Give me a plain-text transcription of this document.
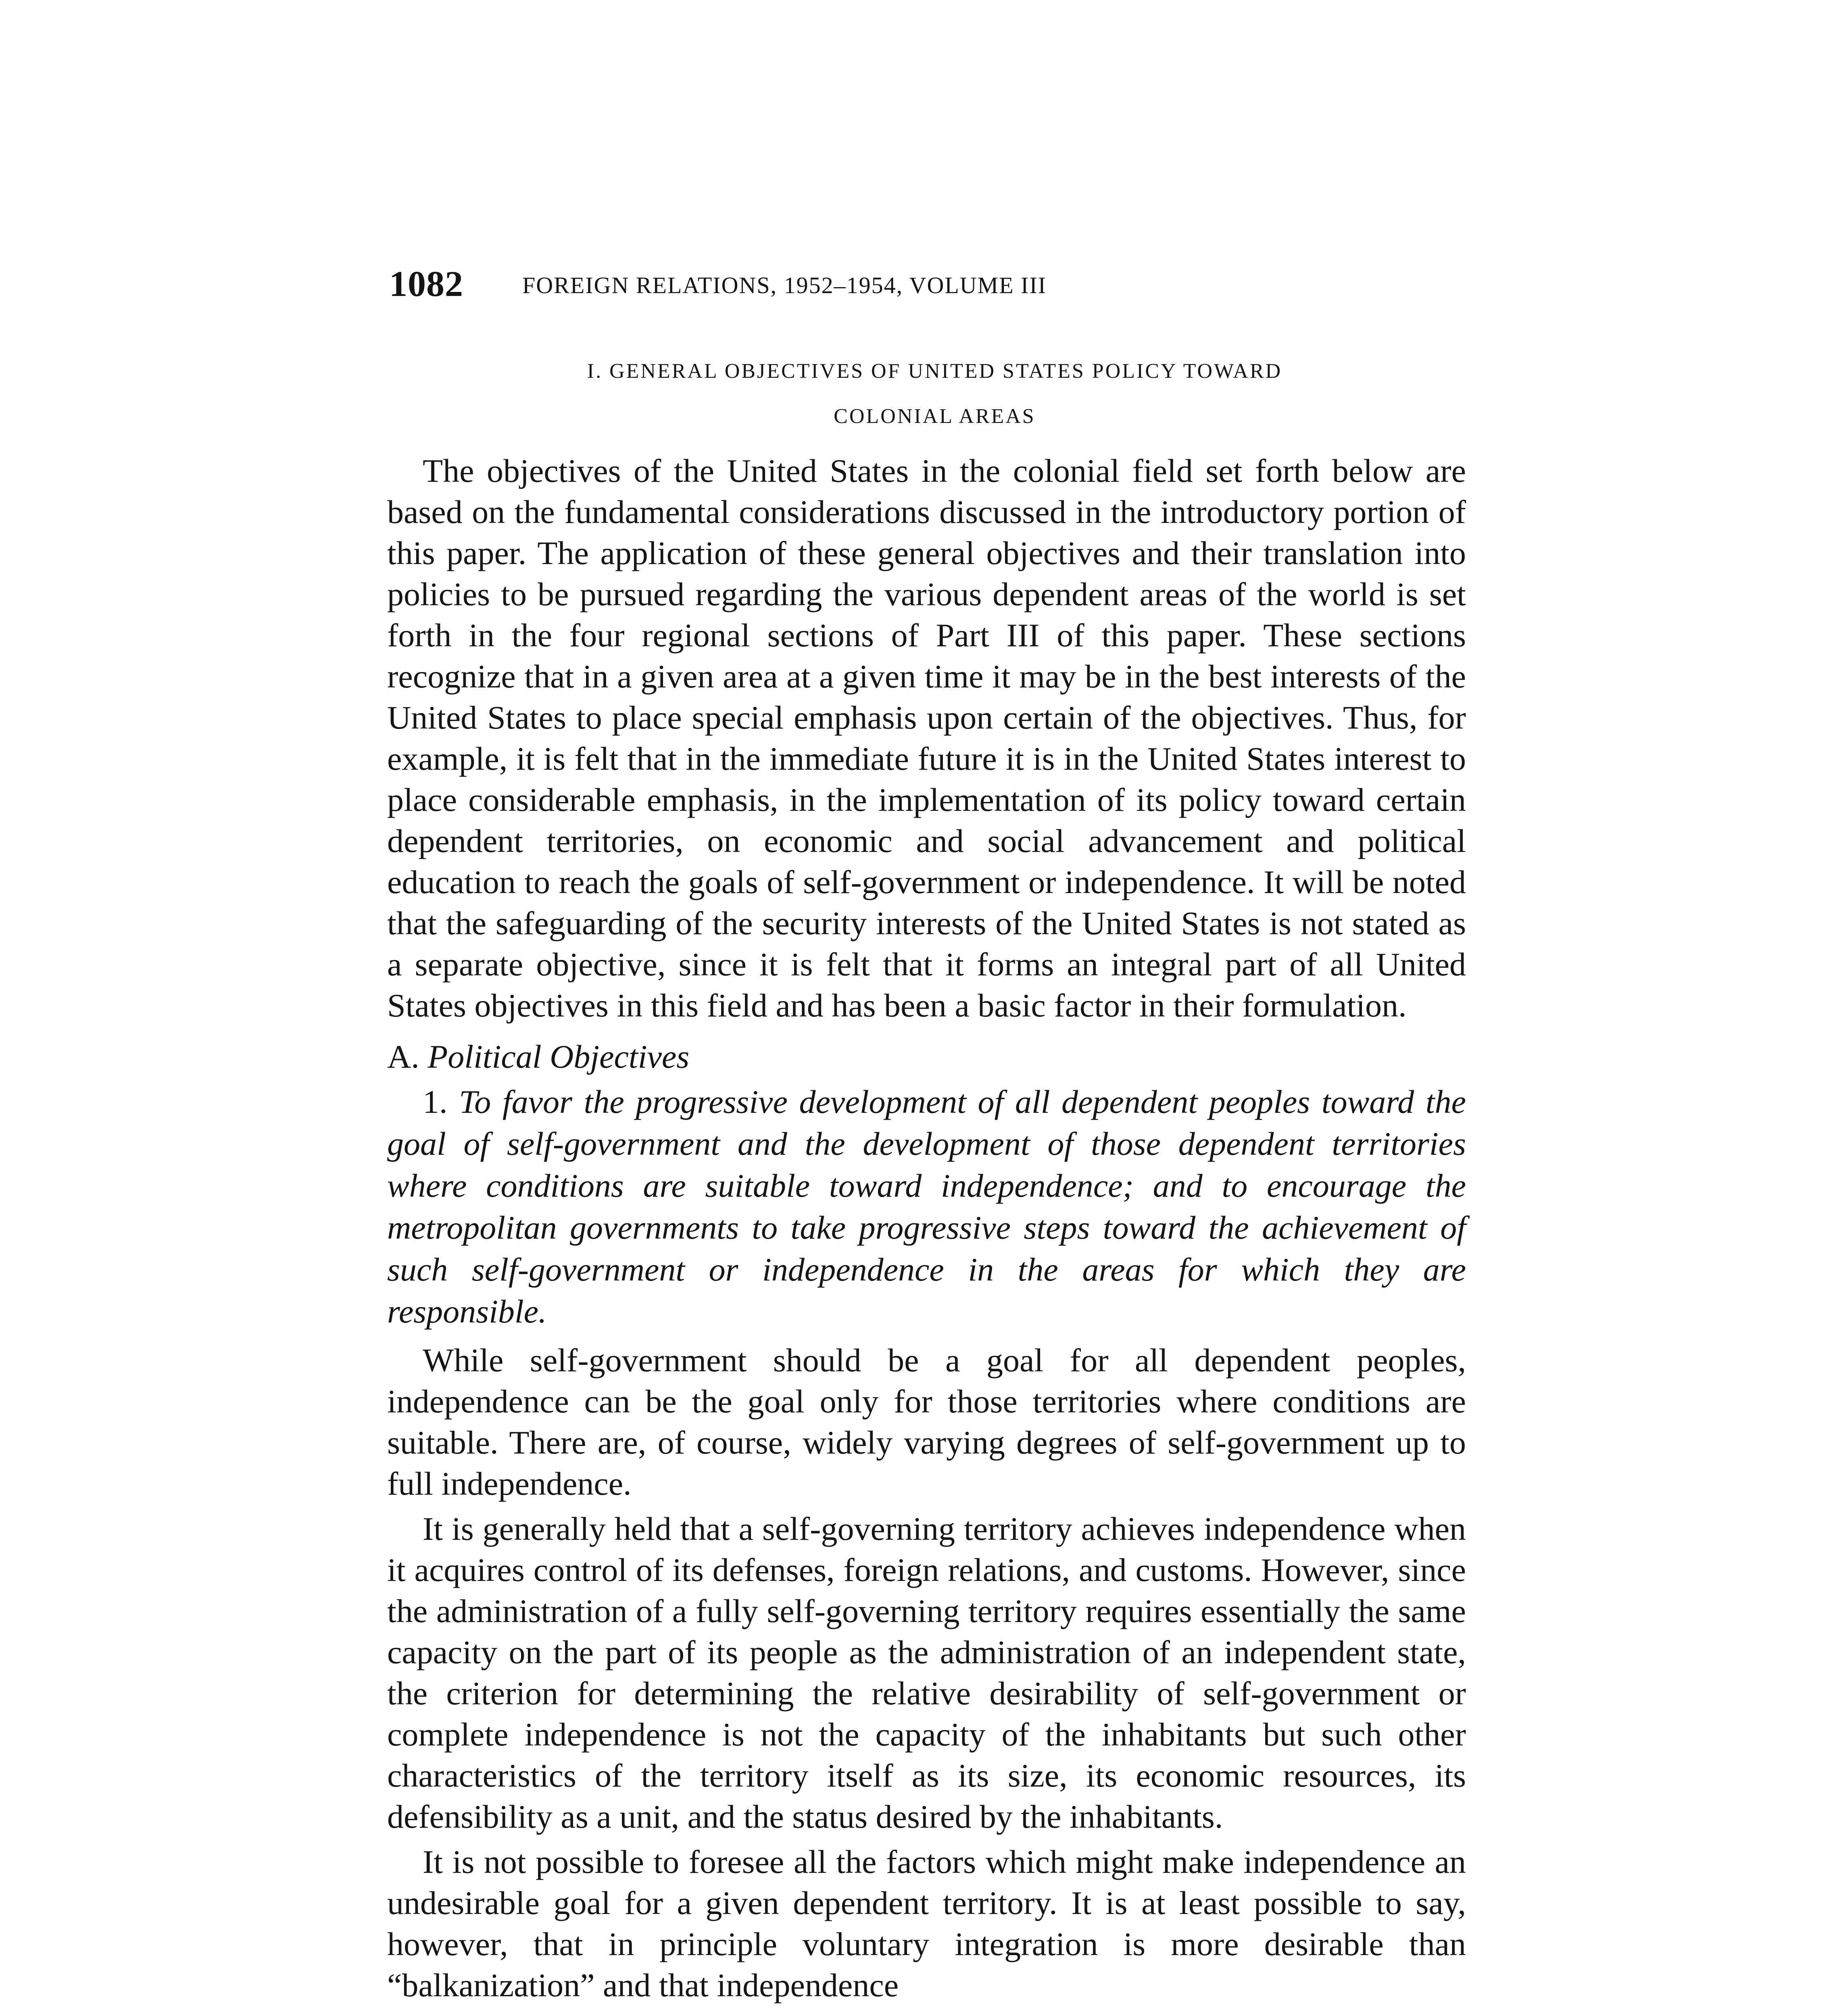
1082	FOREIGN RELATIONS, 1952–1954, VOLUME III
I. GENERAL OBJECTIVES OF UNITED STATES POLICY TOWARD
COLONIAL AREAS

The objectives of the United States in the colonial field set forth below are based on the fundamental considerations discussed in the introductory portion of this paper. The application of these general objectives and their translation into policies to be pursued regarding the various dependent areas of the world is set forth in the four regional sections of Part III of this paper. These sections recognize that in a given area at a given time it may be in the best interests of the United States to place special emphasis upon certain of the objectives. Thus, for example, it is felt that in the immediate future it is in the United States interest to place considerable emphasis, in the implementation of its policy toward certain dependent territories, on economic and social advancement and political education to reach the goals of self-government or independence. It will be noted that the safeguarding of the security interests of the United States is not stated as a separate objective, since it is felt that it forms an integral part of all United States objectives in this field and has been a basic factor in their formulation.

A. Political Objectives

1. To favor the progressive development of all dependent peoples toward the goal of self-government and the development of those dependent territories where conditions are suitable toward independence; and to encourage the metropolitan governments to take progressive steps toward the achievement of such self-government or independence in the areas for which they are responsible.

While self-government should be a goal for all dependent peoples, independence can be the goal only for those territories where conditions are suitable. There are, of course, widely varying degrees of self-government up to full independence.

It is generally held that a self-governing territory achieves independence when it acquires control of its defenses, foreign relations, and customs. However, since the administration of a fully self-governing territory requires essentially the same capacity on the part of its people as the administration of an independent state, the criterion for determining the relative desirability of self-government or complete independence is not the capacity of the inhabitants but such other characteristics of the territory itself as its size, its economic resources, its defensibility as a unit, and the status desired by the inhabitants.

It is not possible to foresee all the factors which might make independence an undesirable goal for a given dependent territory. It is at least possible to say, however, that in principle voluntary integration is more desirable than “balkanization” and that independence
